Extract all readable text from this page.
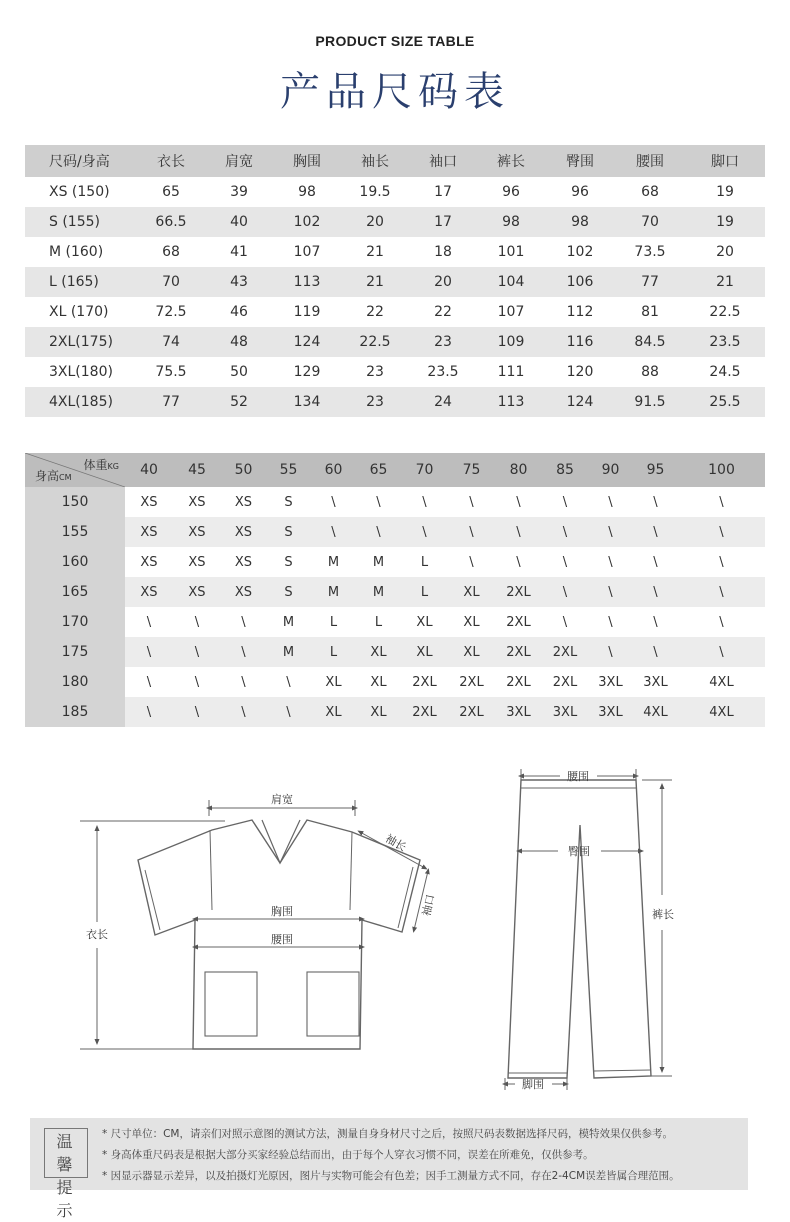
PRODUCT SIZE TABLE
产品尺码表
尺码/身高	衣长	肩宽	胸围	袖长	袖口	裤长	臀围	腰围	脚口
XS (150)	65	39	98	19.5	17	96	96	68	19
S (155)	66.5	40	102	20	17	98	98	70	19
M (160)	68	41	107	21	18	101	102	73.5	20
L (165)	70	43	113	21	20	104	106	77	21
XL (170)	72.5	46	119	22	22	107	112	81	22.5
2XL(175)	74	48	124	22.5	23	109	116	84.5	23.5
3XL(180)	75.5	50	129	23	23.5	111	120	88	24.5
4XL(185)	77	52	134	23	24	113	124	91.5	25.5
体重KG
身高CM	40	45	50	55	60	65	70	75	80	85	90	95	100
150	XS	XS	XS	S	\	\	\	\	\	\	\	\	\
155	XS	XS	XS	S	\	\	\	\	\	\	\	\	\
160	XS	XS	XS	S	M	M	L	\	\	\	\	\	\
165	XS	XS	XS	S	M	M	L	XL	2XL	\	\	\	\
170	\	\	\	M	L	L	XL	XL	2XL	\	\	\	\
175	\	\	\	M	L	XL	XL	XL	2XL	2XL	\	\	\
180	\	\	\	\	XL	XL	2XL	2XL	2XL	2XL	3XL	3XL	4XL
185	\	\	\	\	XL	XL	2XL	2XL	3XL	3XL	3XL	4XL	4XL
肩宽
袖长
袖口
胸围
腰围
衣长
腰围
臀围
裤长
脚围
温 馨
提 示
* 尺寸单位：CM，请亲们对照示意图的测试方法，测量自身身材尺寸之后，按照尺码表数据选择尺码，模特效果仅供参考。
* 身高体重尺码表是根据大部分买家经验总结而出，由于每个人穿衣习惯不同，误差在所难免，仅供参考。
* 因显示器显示差异，以及拍摄灯光原因，图片与实物可能会有色差；因手工测量方式不同，存在2-4CM误差皆属合理范围。
